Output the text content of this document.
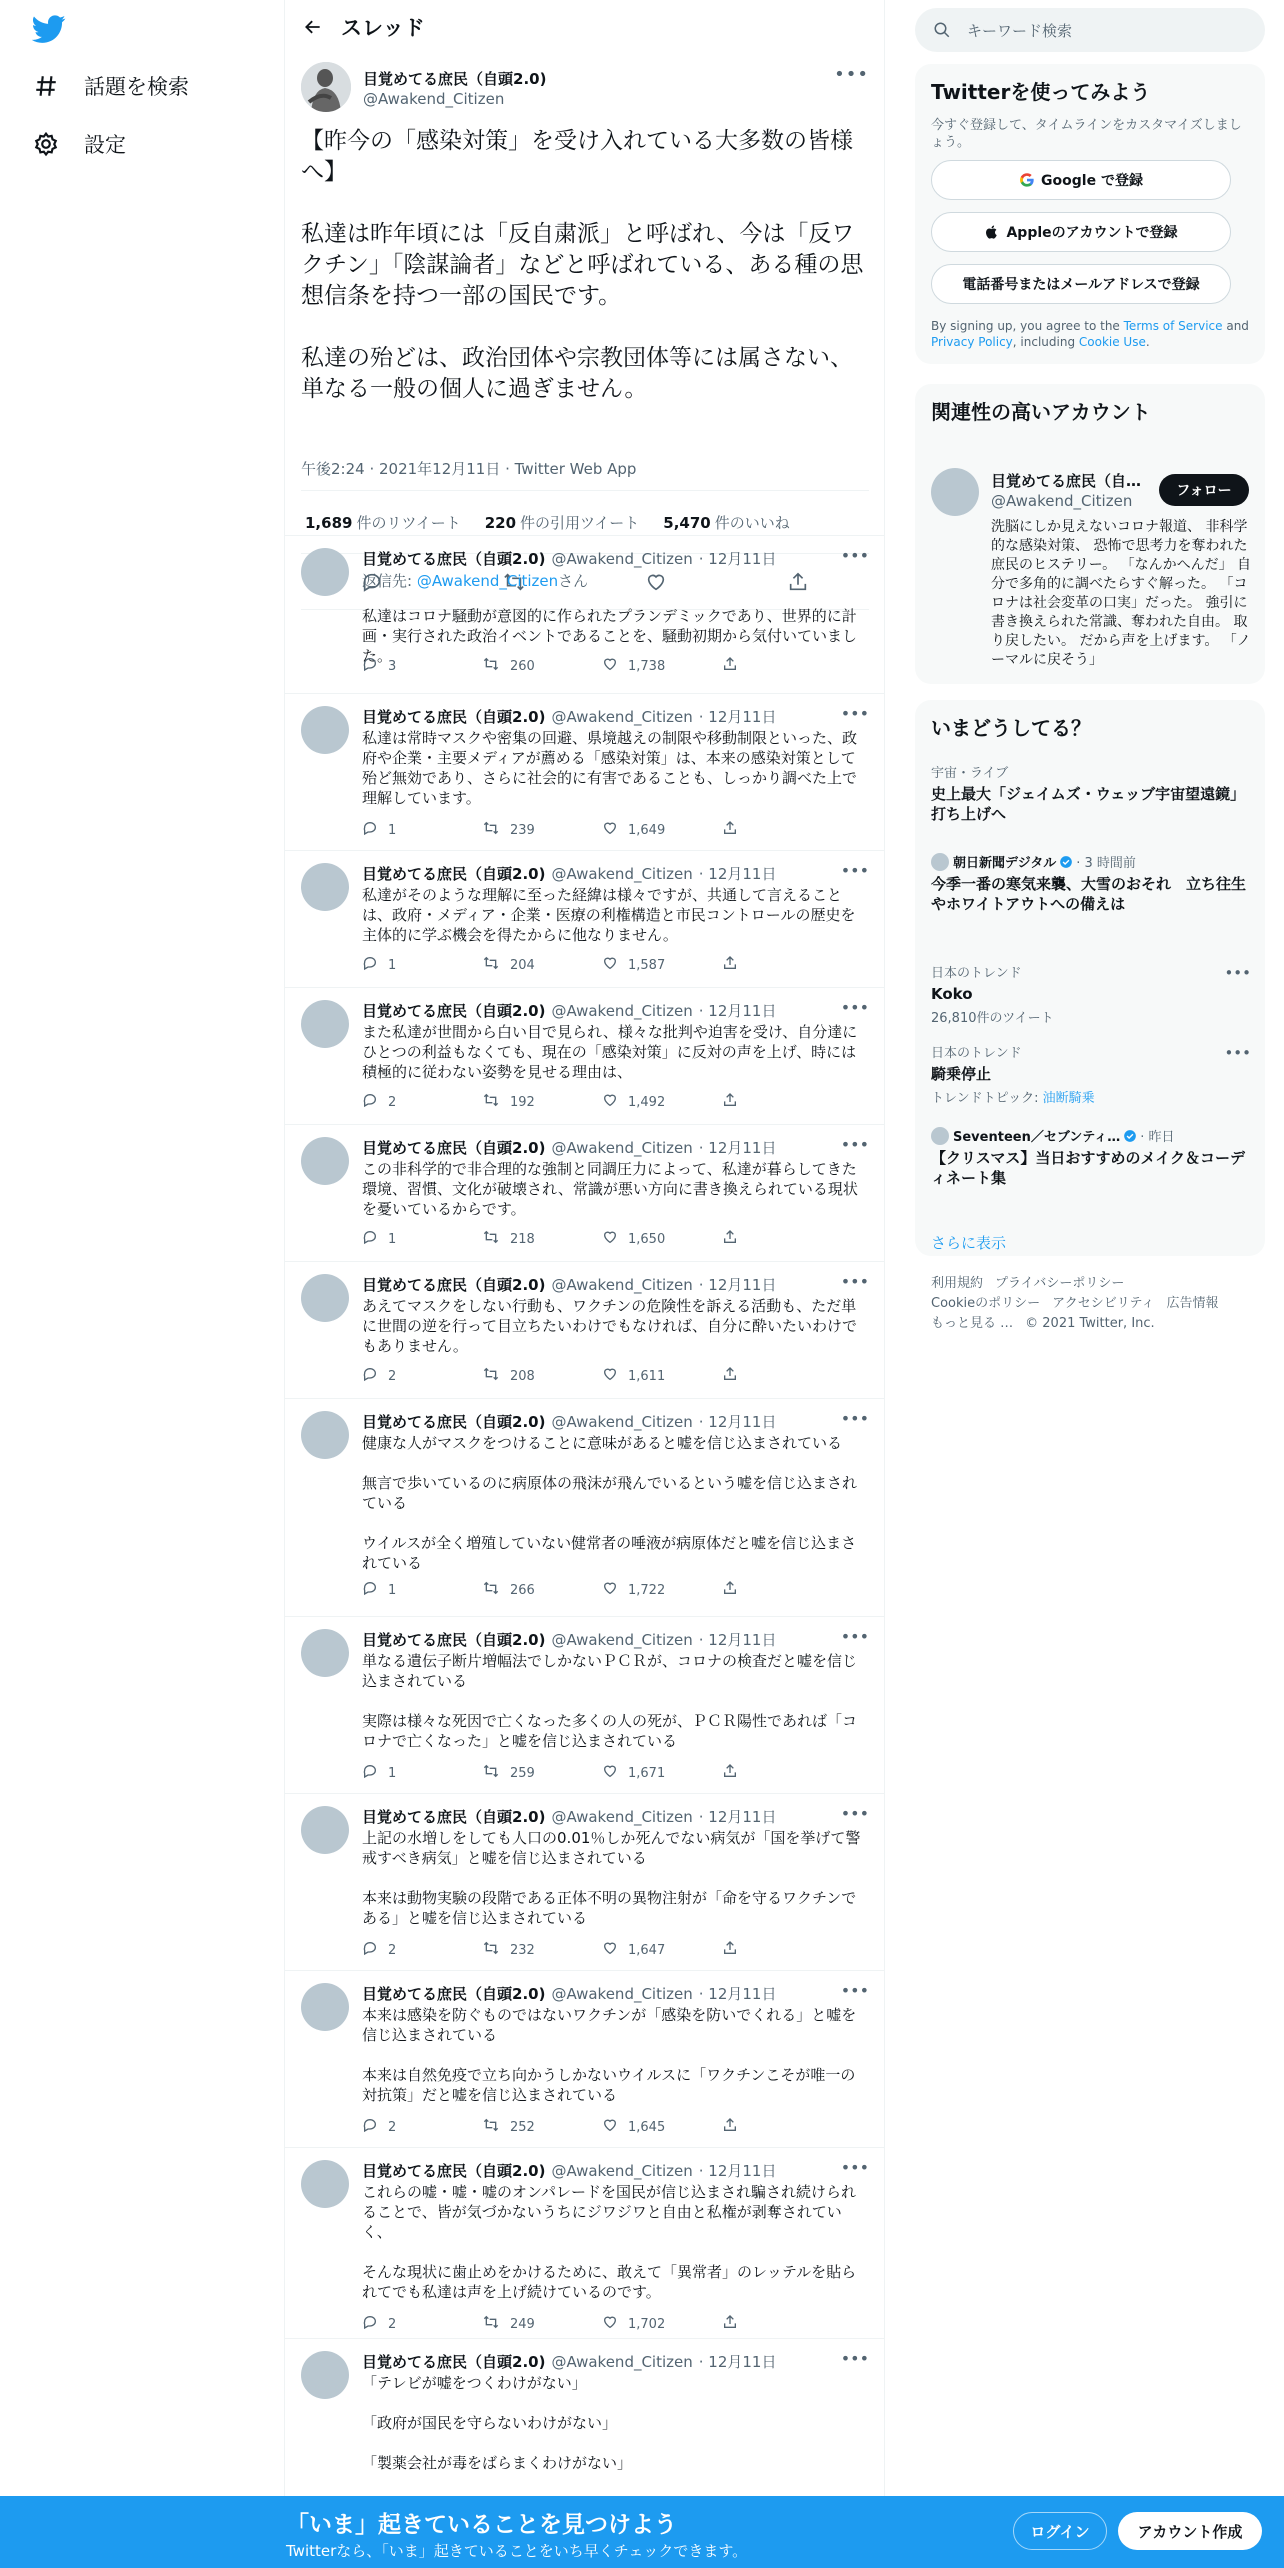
話題を検索
設定
スレッド
目覚めてる庶民（自頭2.0)
@Awakend_Citizen
•••
【昨今の「感染対策」を受け入れている大多数の皆様へ】

私達は昨年頃には「反自粛派」と呼ばれ、今は「反ワクチン」「陰謀論者」などと呼ばれている、ある種の思想信条を持つ一部の国民です。

私達の殆どは、政治団体や宗教団体等には属さない、単なる一般の個人に過ぎません。
午後2:24 · 2021年12月11日 · Twitter Web App
1,689 件のリツイート 220 件の引用ツイート 5,470 件のいいね
目覚めてる庶民（自頭2.0) @Awakend_Citizen · 12月11日	•••
返信先: @Awakend_Citizenさん
私達はコロナ騒動が意図的に作られたプランデミックであり、世界的に計画・実行された政治イベントであることを、騒動初期から気付いていました。
3	260	1,738
目覚めてる庶民（自頭2.0) @Awakend_Citizen · 12月11日	•••
私達は常時マスクや密集の回避、県境越えの制限や移動制限といった、政府や企業・主要メディアが薦める「感染対策」は、本来の感染対策として殆ど無効であり、さらに社会的に有害であることも、しっかり調べた上で理解しています。
1	239	1,649
目覚めてる庶民（自頭2.0) @Awakend_Citizen · 12月11日	•••
私達がそのような理解に至った経緯は様々ですが、共通して言えることは、政府・メディア・企業・医療の利権構造と市民コントロールの歴史を主体的に学ぶ機会を得たからに他なりません。
1	204	1,587
目覚めてる庶民（自頭2.0) @Awakend_Citizen · 12月11日	•••
また私達が世間から白い目で見られ、様々な批判や迫害を受け、自分達にひとつの利益もなくても、現在の「感染対策」に反対の声を上げ、時には積極的に従わない姿勢を見せる理由は、
2	192	1,492
目覚めてる庶民（自頭2.0) @Awakend_Citizen · 12月11日	•••
この非科学的で非合理的な強制と同調圧力によって、私達が暮らしてきた環境、習慣、文化が破壊され、常識が悪い方向に書き換えられている現状を憂いているからです。
1	218	1,650
目覚めてる庶民（自頭2.0) @Awakend_Citizen · 12月11日	•••
あえてマスクをしない行動も、ワクチンの危険性を訴える活動も、ただ単に世間の逆を行って目立ちたいわけでもなければ、自分に酔いたいわけでもありません。
2	208	1,611
目覚めてる庶民（自頭2.0) @Awakend_Citizen · 12月11日	•••
健康な人がマスクをつけることに意味があると嘘を信じ込まされている

無言で歩いているのに病原体の飛沫が飛んでいるという嘘を信じ込まされている

ウイルスが全く増殖していない健常者の唾液が病原体だと嘘を信じ込まされている
1	266	1,722
目覚めてる庶民（自頭2.0) @Awakend_Citizen · 12月11日	•••
単なる遺伝子断片増幅法でしかないＰＣＲが、コロナの検査だと嘘を信じ込まされている

実際は様々な死因で亡くなった多くの人の死が、ＰＣＲ陽性であれば「コロナで亡くなった」と嘘を信じ込まされている
1	259	1,671
目覚めてる庶民（自頭2.0) @Awakend_Citizen · 12月11日	•••
上記の水増しをしても人口の0.01％しか死んでない病気が「国を挙げて警戒すべき病気」と嘘を信じ込まされている

本来は動物実験の段階である正体不明の異物注射が「命を守るワクチンである」と嘘を信じ込まされている
2	232	1,647
目覚めてる庶民（自頭2.0) @Awakend_Citizen · 12月11日	•••
本来は感染を防ぐものではないワクチンが「感染を防いでくれる」と嘘を信じ込まされている

本来は自然免疫で立ち向かうしかないウイルスに「ワクチンこそが唯一の対抗策」だと嘘を信じ込まされている
2	252	1,645
目覚めてる庶民（自頭2.0) @Awakend_Citizen · 12月11日	•••
これらの嘘・嘘・嘘のオンパレードを国民が信じ込まされ騙され続けられることで、皆が気づかないうちにジワジワと自由と私権が剥奪されていく、

そんな現状に歯止めをかけるために、敢えて「異常者」のレッテルを貼られてでも私達は声を上げ続けているのです。
2	249	1,702
目覚めてる庶民（自頭2.0) @Awakend_Citizen · 12月11日	•••
「テレビが嘘をつくわけがない」

「政府が国民を守らないわけがない」

「製薬会社が毒をばらまくわけがない」
キーワード検索
Twitterを使ってみよう
今すぐ登録して、タイムラインをカスタマイズしましょう。
Google で登録
Appleのアカウントで登録
電話番号またはメールアドレスで登録
By signing up, you agree to the Terms of Service and Privacy Policy, including Cookie Use.
関連性の高いアカウント
目覚めてる庶民（自…
@Awakend_Citizen
フォロー
洗脳にしか見えないコロナ報道、 非科学的な感染対策、 恐怖で思考力を奪われた庶民のヒステリー。 「なんかへんだ」 自分で多角的に調べたらすぐ解った。 「コロナは社会変革の口実」だった。 強引に書き換えられた常識、奪われた自由。 取り戻したい。 だから声を上げます。 「ノーマルに戻そう」
いまどうしてる？
宇宙・ライブ
史上最大「ジェイムズ・ウェッブ宇宙望遠鏡」打ち上げへ
朝日新聞デジタル · 3 時間前
今季一番の寒気来襲、大雪のおそれ　立ち往生やホワイトアウトへの備えは
日本のトレンド
Koko
26,810件のツイート
•••
日本のトレンド
騎乗停止
トレンドトピック: 油断騎乗
•••
Seventeen／セブンティ… · 昨日
【クリスマス】当日おすすめのメイク＆コーディネート集
さらに表示
利用規約 プライバシーポリシー
Cookieのポリシー アクセシビリティ 広告情報
もっと見る … © 2021 Twitter, Inc.
「いま」起きていることを見つけよう
Twitterなら、「いま」起きていることをいち早くチェックできます。
ログイン	アカウント作成
